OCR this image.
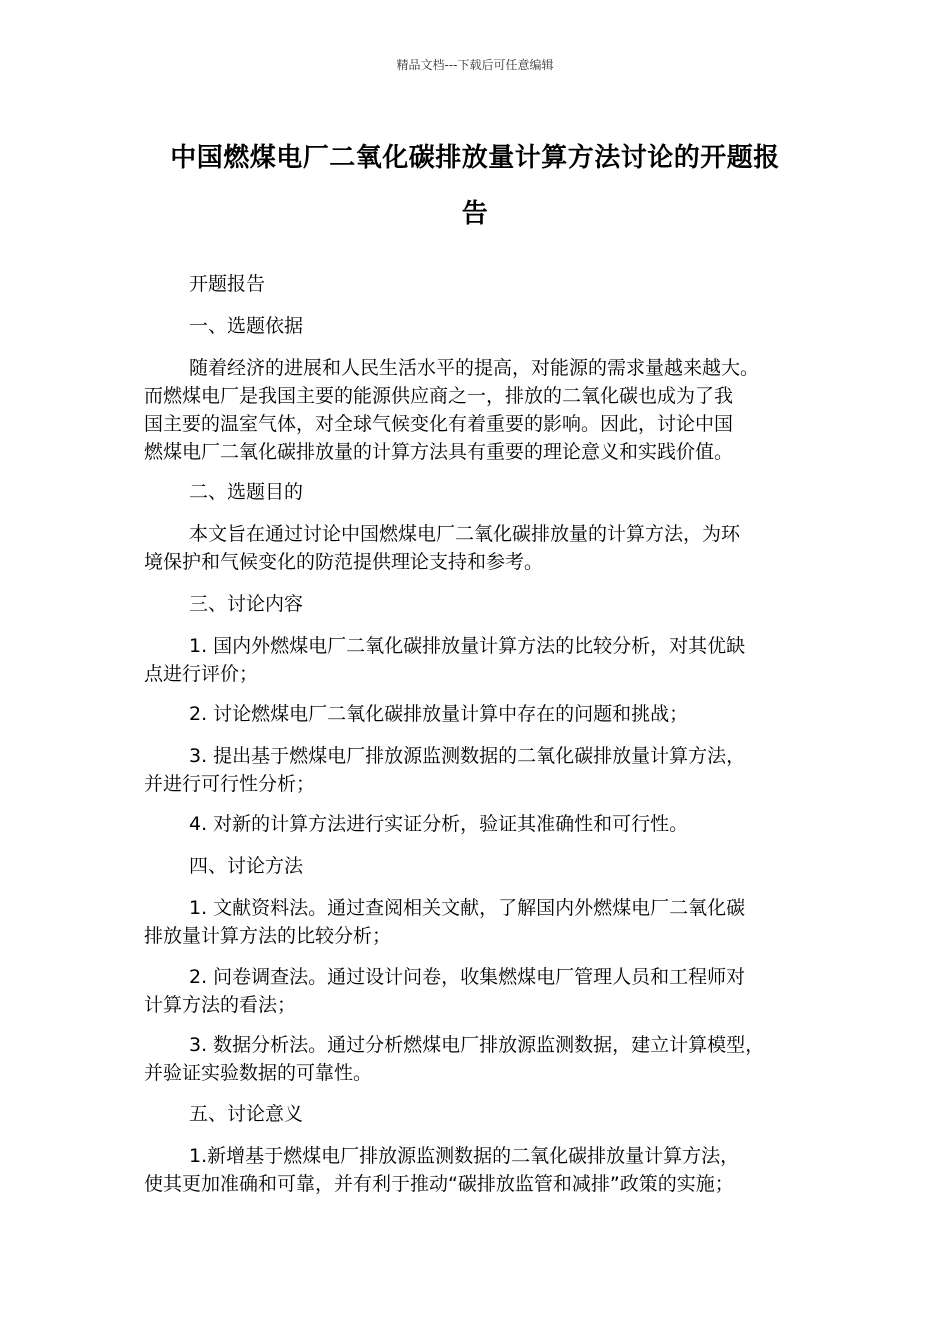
精品文档---下载后可任意编辑
中国燃煤电厂二氧化碳排放量计算方法讨论的开题报
告
开题报告
一、选题依据
随着经济的进展和人民生活水平的提高，对能源的需求量越来越大。
而燃煤电厂是我国主要的能源供应商之一，排放的二氧化碳也成为了我
国主要的温室气体，对全球气候变化有着重要的影响。因此，讨论中国
燃煤电厂二氧化碳排放量的计算方法具有重要的理论意义和实践价值。
二、选题目的
本文旨在通过讨论中国燃煤电厂二氧化碳排放量的计算方法，为环
境保护和气候变化的防范提供理论支持和参考。
三、讨论内容
1. 国内外燃煤电厂二氧化碳排放量计算方法的比较分析，对其优缺
点进行评价；
2. 讨论燃煤电厂二氧化碳排放量计算中存在的问题和挑战；
3. 提出基于燃煤电厂排放源监测数据的二氧化碳排放量计算方法，
并进行可行性分析；
4. 对新的计算方法进行实证分析，验证其准确性和可行性。
四、讨论方法
1. 文献资料法。通过查阅相关文献，了解国内外燃煤电厂二氧化碳
排放量计算方法的比较分析；
2. 问卷调查法。通过设计问卷，收集燃煤电厂管理人员和工程师对
计算方法的看法；
3. 数据分析法。通过分析燃煤电厂排放源监测数据，建立计算模型，
并验证实验数据的可靠性。
五、讨论意义
1.新增基于燃煤电厂排放源监测数据的二氧化碳排放量计算方法，
使其更加准确和可靠，并有利于推动“碳排放监管和减排”政策的实施；
